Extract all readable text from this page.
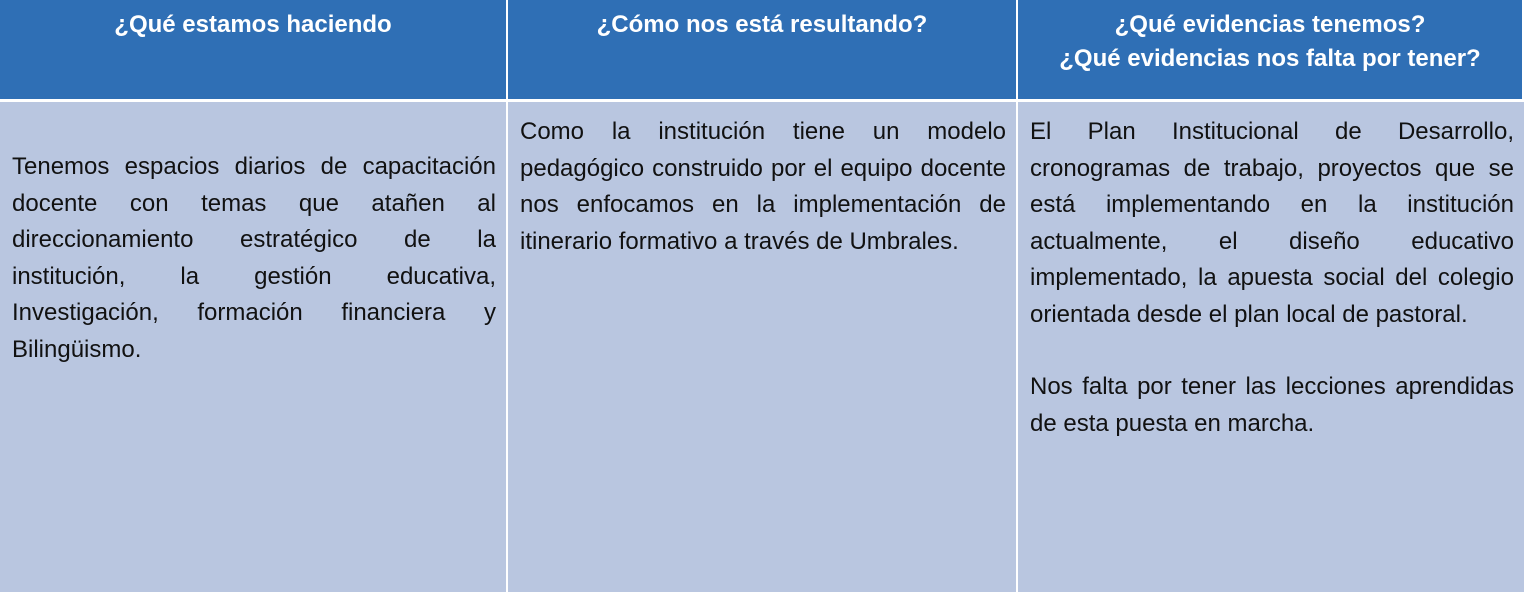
¿Qué estamos haciendo	¿Cómo nos está resultando?	¿Qué evidencias tenemos?
¿Qué evidencias nos falta por tener?

Tenemos espacios diarios de capacitación docente con temas que atañen al direccionamiento estratégico de la institución, la gestión educativa, Investigación, formación financiera y Bilingüismo.

Como la institución tiene un modelo pedagógico construido por el equipo docente nos enfocamos en la implementación de itinerario formativo a través de Umbrales.

El Plan Institucional de Desarrollo, cronogramas de trabajo, proyectos que se está implementando en la institución actualmente, el diseño educativo implementado, la apuesta social del colegio orientada desde el plan local de pastoral.

Nos falta por tener las lecciones aprendidas de esta puesta en marcha.
